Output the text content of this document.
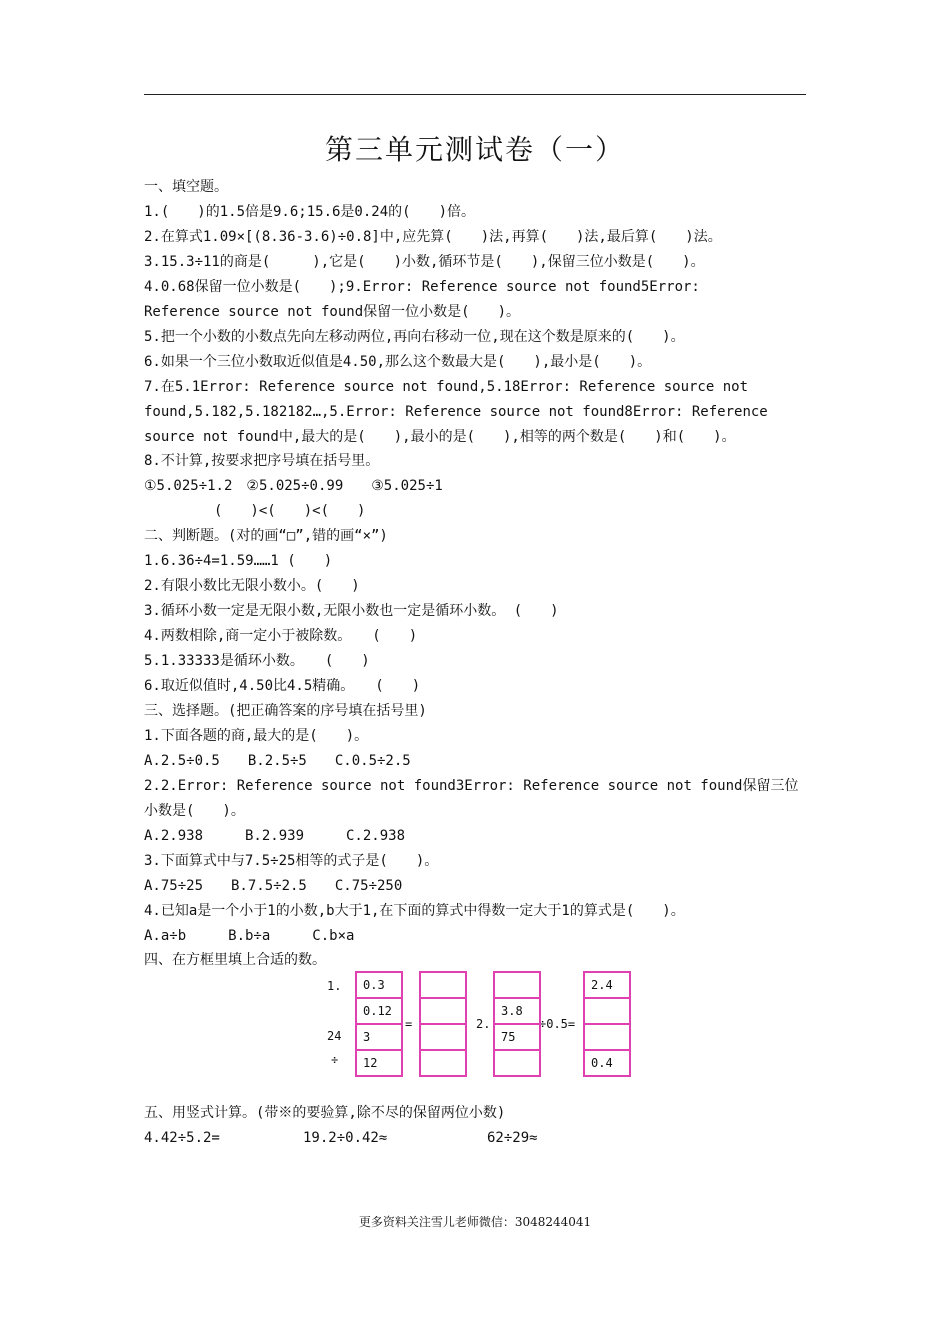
第三单元测试卷（一）
一、填空题。
1.(　　)的1.5倍是9.6;15.6是0.24的(　　)倍。
2.在算式1.09×[(8.36-3.6)÷0.8]中,应先算(　　)法,再算(　　)法,最后算(　　)法。
3.15.3÷11的商是(　　　),它是(　　)小数,循环节是(　　),保留三位小数是(　　)。
4.0.68保留一位小数是(　　);9.Error: Reference source not found5Error:
Reference source not found保留一位小数是(　　)。
5.把一个小数的小数点先向左移动两位,再向右移动一位,现在这个数是原来的(　　)。
6.如果一个三位小数取近似值是4.50,那么这个数最大是(　　),最小是(　　)。
7.在5.1Error: Reference source not found,5.18Error: Reference source not
found,5.182,5.182182…,5.Error: Reference source not found8Error: Reference
source not found中,最大的是(　　),最小的是(　　),相等的两个数是(　　)和(　　)。
8.不计算,按要求把序号填在括号里。
①5.025÷1.2　②5.025÷0.99　　③5.025÷1
　　　　　(　　)<(　　)<(　　)
二、判断题。(对的画“□”,错的画“×”)
1.6.36÷4=1.59……1 (　　)
2.有限小数比无限小数小。(　　)
3.循环小数一定是无限小数,无限小数也一定是循环小数。 (　　)
4.两数相除,商一定小于被除数。　　(　　)
5.1.33333是循环小数。　　(　　)
6.取近似值时,4.50比4.5精确。　　(　　)
三、选择题。(把正确答案的序号填在括号里)
1.下面各题的商,最大的是(　　)。
A.2.5÷0.5　　B.2.5÷5　　C.0.5÷2.5
2.2.Error: Reference source not found3Error: Reference source not found保留三位
小数是(　　)。
A.2.938　　　B.2.939　　　C.2.938
3.下面算式中与7.5÷25相等的式子是(　　)。
A.75÷25　　B.7.5÷2.5　　C.75÷250
4.已知a是一个小于1的小数,b大于1,在下面的算式中得数一定大于1的算式是(　　)。
A.a÷b　　　B.b÷a　　　C.b×a
四、在方框里填上合适的数。
1.
24
÷
=
0.3
0.12
3
12
2.	÷0.5=
3.8
75
2.4
0.4
五、用竖式计算。(带※的要验算,除不尽的保留两位小数)
4.42÷5.2=	19.2÷0.42≈	62÷29≈
更多资料关注雪儿老师微信：3048244041
